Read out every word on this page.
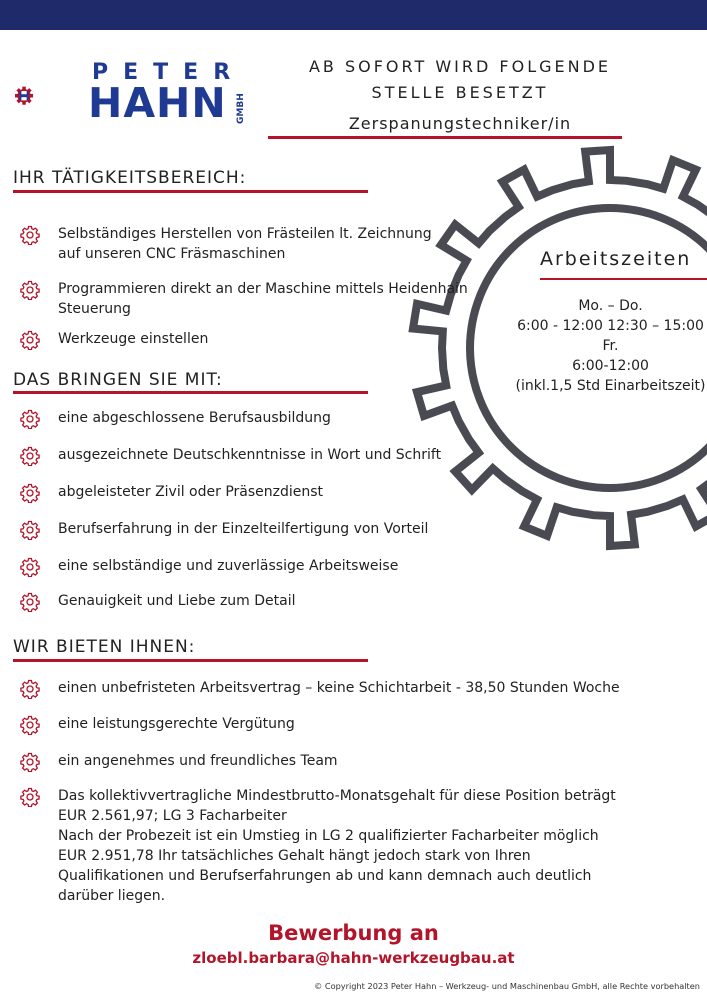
PETER
HAHN GMBH
AB SOFORT WIRD FOLGENDE
STELLE BESETZT
Zerspanungstechniker/in
Arbeitszeiten
Mo. – Do.
6:00 - 12:00 12:30 – 15:00
Fr.
6:00-12:00
(inkl.1,5 Std Einarbeitszeit)
IHR TÄTIGKEITSBEREICH:
Selbständiges Herstellen von Frästeilen lt. Zeichnung
auf unseren CNC Fräsmaschinen
Programmieren direkt an der Maschine mittels Heidenhain
Steuerung
Werkzeuge einstellen
DAS BRINGEN SIE MIT:
eine abgeschlossene Berufsausbildung
ausgezeichnete Deutschkenntnisse in Wort und Schrift
abgeleisteter Zivil oder Präsenzdienst
Berufserfahrung in der Einzelteilfertigung von Vorteil
eine selbständige und zuverlässige Arbeitsweise
Genauigkeit und Liebe zum Detail
WIR BIETEN IHNEN:
einen unbefristeten Arbeitsvertrag – keine Schichtarbeit - 38,50 Stunden Woche
eine leistungsgerechte Vergütung
ein angenehmes und freundliches Team
Das kollektivvertragliche Mindestbrutto-Monatsgehalt für diese Position beträgt
EUR 2.561,97; LG 3 Facharbeiter
Nach der Probezeit ist ein Umstieg in LG 2 qualifizierter Facharbeiter möglich
EUR 2.951,78 Ihr tatsächliches Gehalt hängt jedoch stark von Ihren
Qualifikationen und Berufserfahrungen ab und kann demnach auch deutlich
darüber liegen.
Bewerbung an
zloebl.barbara@hahn-werkzeugbau.at
© Copyright 2023 Peter Hahn – Werkzeug- und Maschinenbau GmbH, alle Rechte vorbehalten
